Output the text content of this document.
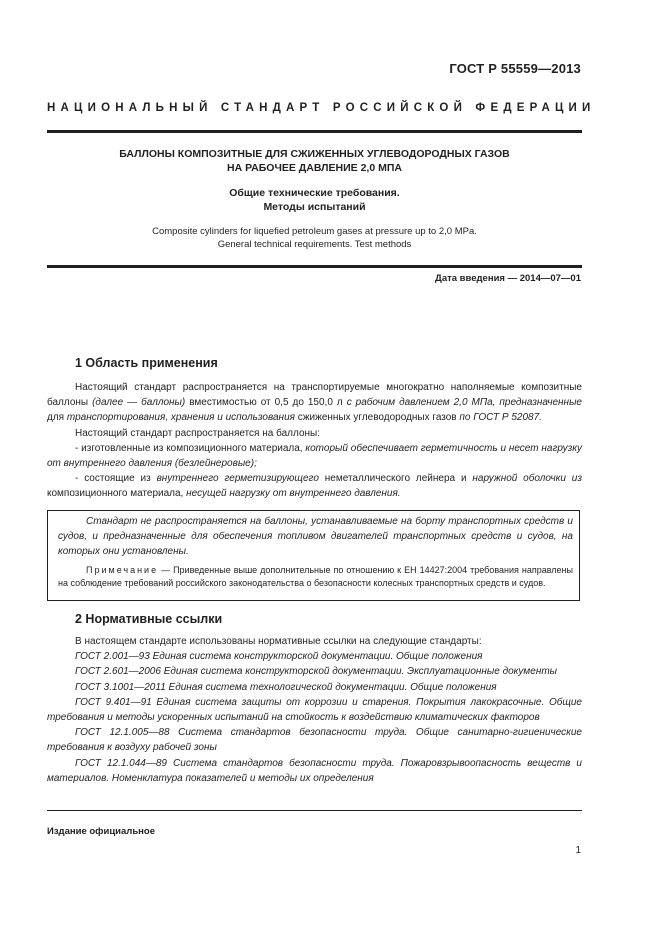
ГОСТ Р 55559—2013
НАЦИОНАЛЬНЫЙ СТАНДАРТ РОССИЙСКОЙ ФЕДЕРАЦИИ
БАЛЛОНЫ КОМПОЗИТНЫЕ ДЛЯ СЖИЖЕННЫХ УГЛЕВОДОРОДНЫХ ГАЗОВ
НА РАБОЧЕЕ ДАВЛЕНИЕ 2,0 МПА
Общие технические требования.
Методы испытаний
Composite cylinders for liquefied petroleum gases at pressure up to 2,0 MPa.
General technical requirements. Test methods
Дата введения — 2014—07—01
1 Область применения

Настоящий стандарт распространяется на транспортируемые многократно наполняемые композитные баллоны (далее — баллоны) вместимостью от 0,5 до 150,0 л с рабочим давлением 2,0 МПа, предназначенные для транспортирования, хранения и использования сжиженных углеводородных газов по ГОСТ Р 52087.

Настоящий стандарт распространяется на баллоны:

- изготовленные из композиционного материала, который обеспечивает герметичность и несет нагрузку от внутреннего давления (безлейнеровые);

- состоящие из внутреннего герметизирующего неметаллического лейнера и наружной оболочки из композиционного материала, несущей нагрузку от внутреннего давления.

Стандарт не распространяется на баллоны, устанавливаемые на борту транспортных средств и судов, и предназначенные для обеспечения топливом двигателей транспортных средств и судов, на которых они установлены.

Примечание — Приведенные выше дополнительные по отношению к ЕН 14427:2004 требования направлены на соблюдение требований российского законодательства о безопасности колесных транспортных средств и судов.

2 Нормативные ссылки

В настоящем стандарте использованы нормативные ссылки на следующие стандарты:

ГОСТ 2.001—93 Единая система конструкторской документации. Общие положения

ГОСТ 2.601—2006 Единая система конструкторской документации. Эксплуатационные документы

ГОСТ 3.1001—2011 Единая система технологической документации. Общие положения

ГОСТ 9.401—91 Единая система защиты от коррозии и старения. Покрытия лакокрасочные. Общие требования и методы ускоренных испытаний на стойкость к воздействию климатических факторов

ГОСТ 12.1.005—88 Система стандартов безопасности труда. Общие санитарно-гигиенические требования к воздуху рабочей зоны

ГОСТ 12.1.044—89 Система стандартов безопасности труда. Пожаровзрывоопасность веществ и материалов. Номенклатура показателей и методы их определения

Издание официальное
1
